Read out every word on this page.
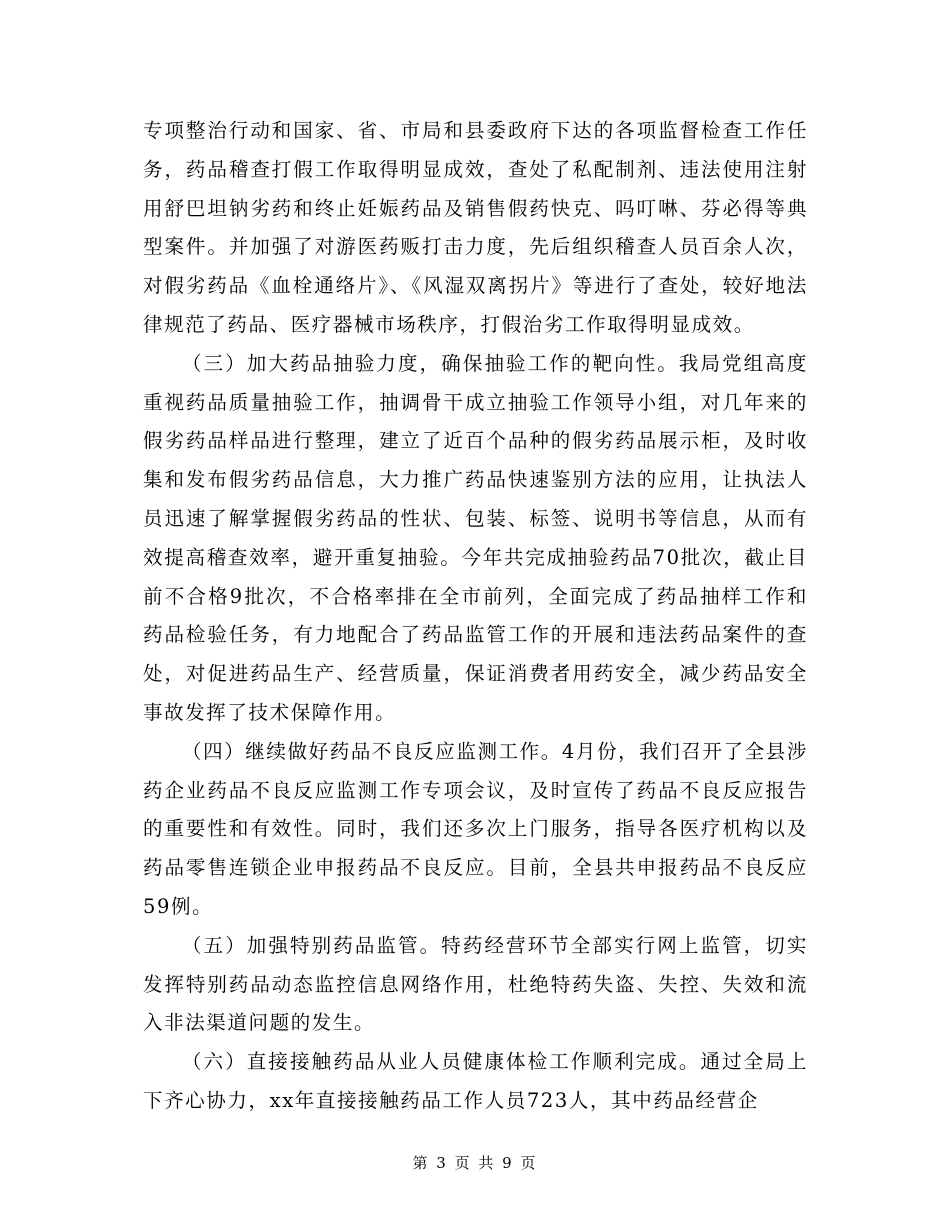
专项整治行动和国家、省、市局和县委政府下达的各项监督检查工作任务，药品稽查打假工作取得明显成效，查处了私配制剂、违法使用注射用舒巴坦钠劣药和终止妊娠药品及销售假药快克、吗叮啉、芬必得等典型案件。并加强了对游医药贩打击力度，先后组织稽查人员百余人次，对假劣药品《血栓通络片》、《风湿双离拐片》等进行了查处，较好地法律规范了药品、医疗器械市场秩序，打假治劣工作取得明显成效。

（三）加大药品抽验力度，确保抽验工作的靶向性。我局党组高度重视药品质量抽验工作，抽调骨干成立抽验工作领导小组，对几年来的假劣药品样品进行整理，建立了近百个品种的假劣药品展示柜，及时收集和发布假劣药品信息，大力推广药品快速鉴别方法的应用，让执法人员迅速了解掌握假劣药品的性状、包装、标签、说明书等信息，从而有效提高稽查效率，避开重复抽验。今年共完成抽验药品70批次，截止目前不合格9批次，不合格率排在全市前列，全面完成了药品抽样工作和药品检验任务，有力地配合了药品监管工作的开展和违法药品案件的查处，对促进药品生产、经营质量，保证消费者用药安全，减少药品安全事故发挥了技术保障作用。

（四）继续做好药品不良反应监测工作。4月份，我们召开了全县涉药企业药品不良反应监测工作专项会议，及时宣传了药品不良反应报告的重要性和有效性。同时，我们还多次上门服务，指导各医疗机构以及药品零售连锁企业申报药品不良反应。目前，全县共申报药品不良反应59例。

（五）加强特别药品监管。特药经营环节全部实行网上监管，切实发挥特别药品动态监控信息网络作用，杜绝特药失盗、失控、失效和流入非法渠道问题的发生。

（六）直接接触药品从业人员健康体检工作顺利完成。通过全局上下齐心协力，xx年直接接触药品工作人员723人，其中药品经营企

第 3 页 共 9 页
